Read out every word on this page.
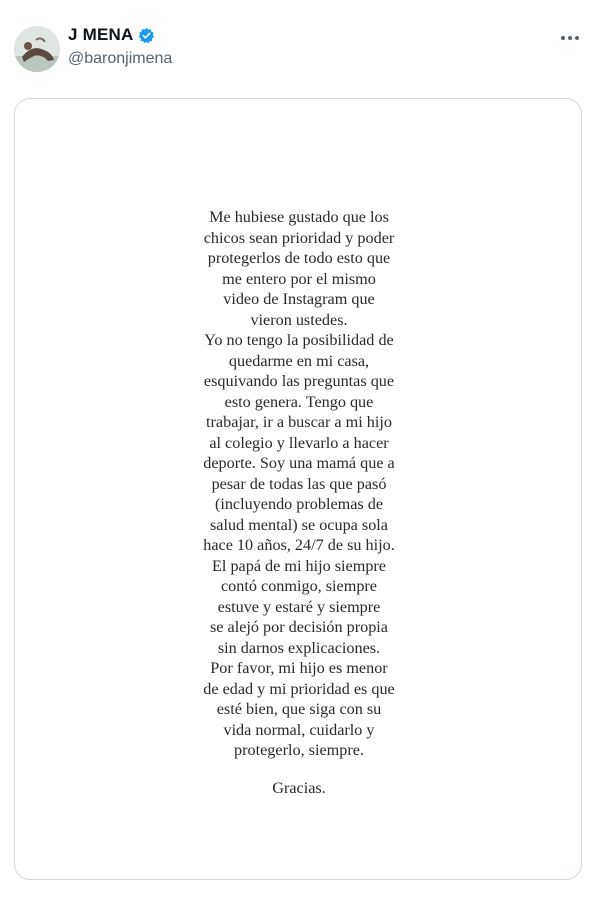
J MENA
@baronjimena
Me hubiese gustado que los
chicos sean prioridad y poder
protegerlos de todo esto que
me entero por el mismo
video de Instagram que
vieron ustedes.
Yo no tengo la posibilidad de
quedarme en mi casa,
esquivando las preguntas que
esto genera. Tengo que
trabajar, ir a buscar a mi hijo
al colegio y llevarlo a hacer
deporte. Soy una mamá que a
pesar de todas las que pasó
(incluyendo problemas de
salud mental) se ocupa sola
hace 10 años, 24/7 de su hijo.
El papá de mi hijo siempre
contó conmigo, siempre
estuve y estaré y siempre
se alejó por decisión propia
sin darnos explicaciones.
Por favor, mi hijo es menor
de edad y mi prioridad es que
esté bien, que siga con su
vida normal, cuidarlo y
protegerlo, siempre.
Gracias.
